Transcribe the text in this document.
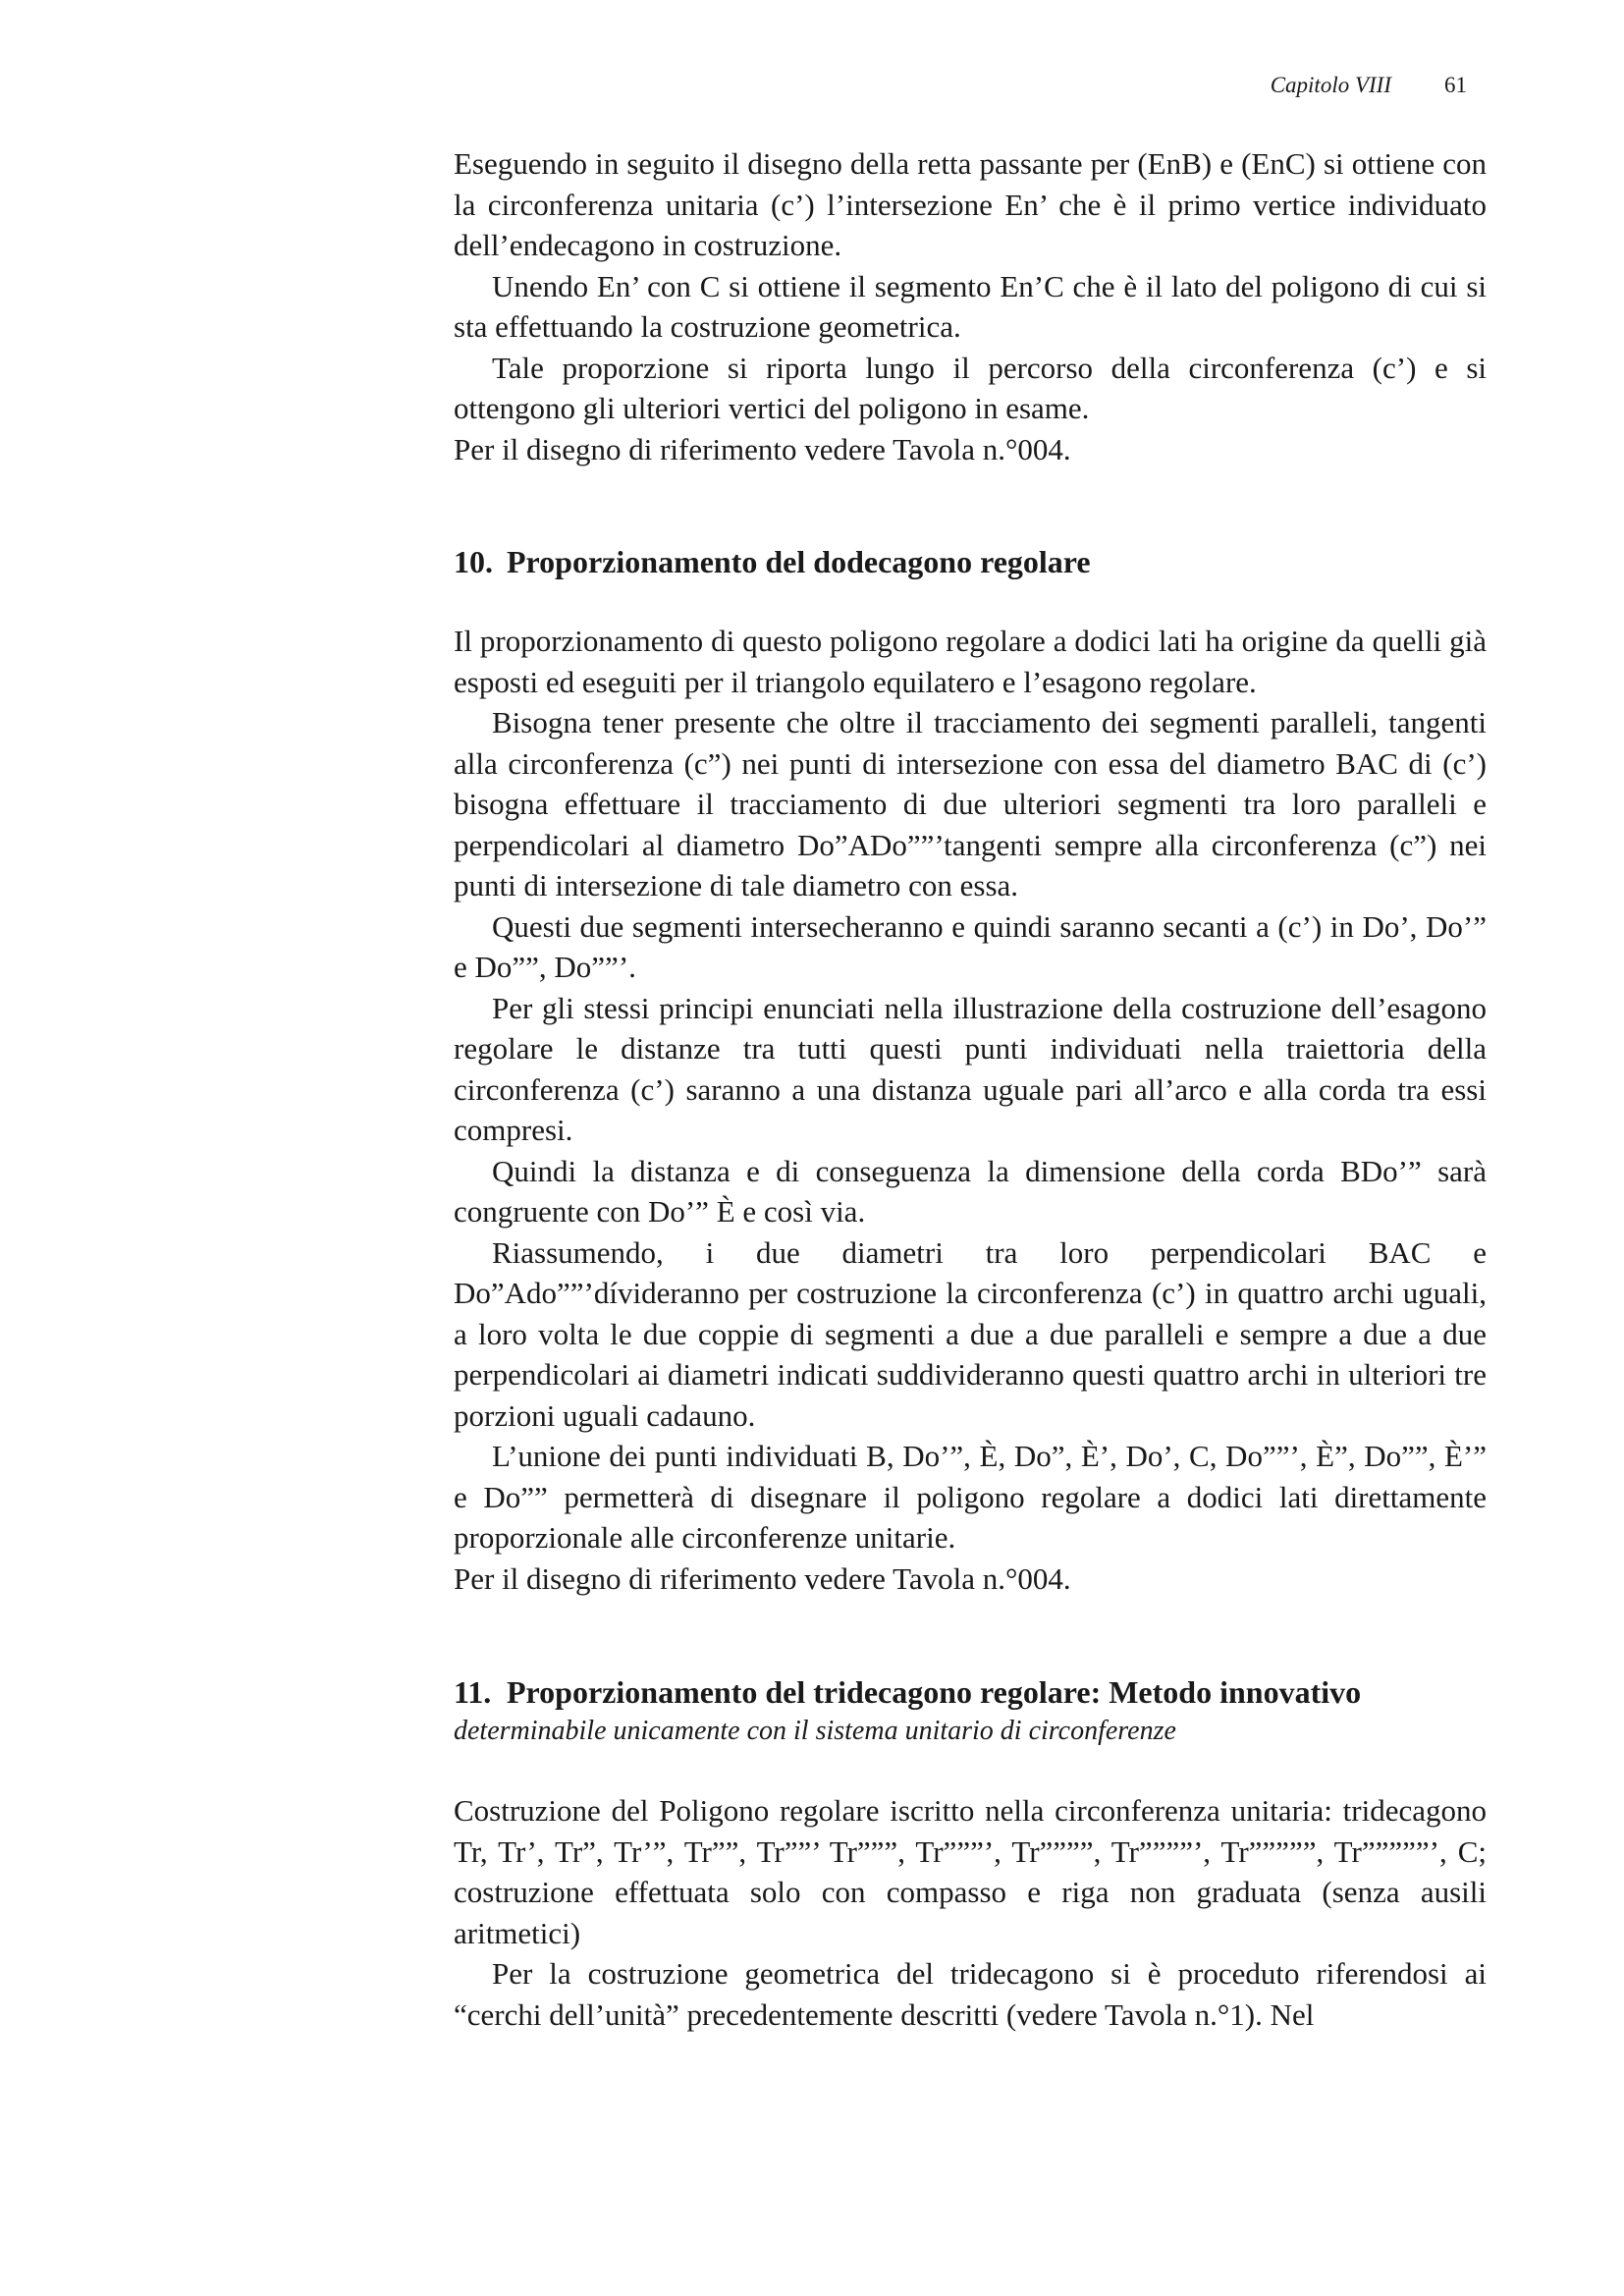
Capitolo VIII 61

Eseguendo in seguito il disegno della retta passante per (EnB) e (EnC) si ottiene con la circonferenza unitaria (c’) l’intersezione En’ che è il primo vertice individuato dell’endecagono in costruzione.

Unendo En’ con C si ottiene il segmento En’C che è il lato del poligono di cui si sta effettuando la costruzione geometrica.

Tale proporzione si riporta lungo il percorso della circonferenza (c’) e si ottengono gli ulteriori vertici del poligono in esame.

Per il disegno di riferimento vedere Tavola n.°004.

10. Proporzionamento del dodecagono regolare

Il proporzionamento di questo poligono regolare a dodici lati ha origine da quelli già esposti ed eseguiti per il triangolo equilatero e l’esagono regolare.

Bisogna tener presente che oltre il tracciamento dei segmenti paralleli, tangenti alla circonferenza (c”) nei punti di intersezione con essa del diametro BAC di (c’) bisogna effettuare il tracciamento di due ulteriori segmenti tra loro paralleli e perpendicolari al diametro Do”ADo””’tangenti sempre alla circonferenza (c”) nei punti di intersezione di tale diametro con essa.

Questi due segmenti intersecheranno e quindi saranno secanti a (c’) in Do’, Do’” e Do””, Do””’.

Per gli stessi principi enunciati nella illustrazione della costruzione dell’esagono regolare le distanze tra tutti questi punti individuati nella traiettoria della circonferenza (c’) saranno a una distanza uguale pari all’arco e alla corda tra essi compresi.

Quindi la distanza e di conseguenza la dimensione della corda BDo’” sarà congruente con Do’” È e così via.

Riassumendo, i due diametri tra loro perpendicolari BAC e Do”Ado””’dívideranno per costruzione la circonferenza (c’) in quattro archi uguali, a loro volta le due coppie di segmenti a due a due paralleli e sempre a due a due perpendicolari ai diametri indicati suddivideranno questi quattro archi in ulteriori tre porzioni uguali cadauno.

L’unione dei punti individuati B, Do’”, È, Do”, È’, Do’, C, Do””’, È”, Do””, È’” e Do”” permetterà di disegnare il poligono regolare a dodici lati direttamente proporzionale alle circonferenze unitarie.

Per il disegno di riferimento vedere Tavola n.°004.

11. Proporzionamento del tridecagono regolare: Metodo innovativo

determinabile unicamente con il sistema unitario di circonferenze

Costruzione del Poligono regolare iscritto nella circonferenza unitaria: tridecagono Tr, Tr’, Tr”, Tr’”, Tr””, Tr””’ Tr”””, Tr”””’, Tr””””, Tr””””’, Tr”””””, Tr”””””’, C; costruzione effettuata solo con compasso e riga non graduata (senza ausili aritmetici)

Per la costruzione geometrica del tridecagono si è proceduto riferendosi ai “cerchi dell’unità” precedentemente descritti (vedere Tavola n.°1). Nel
